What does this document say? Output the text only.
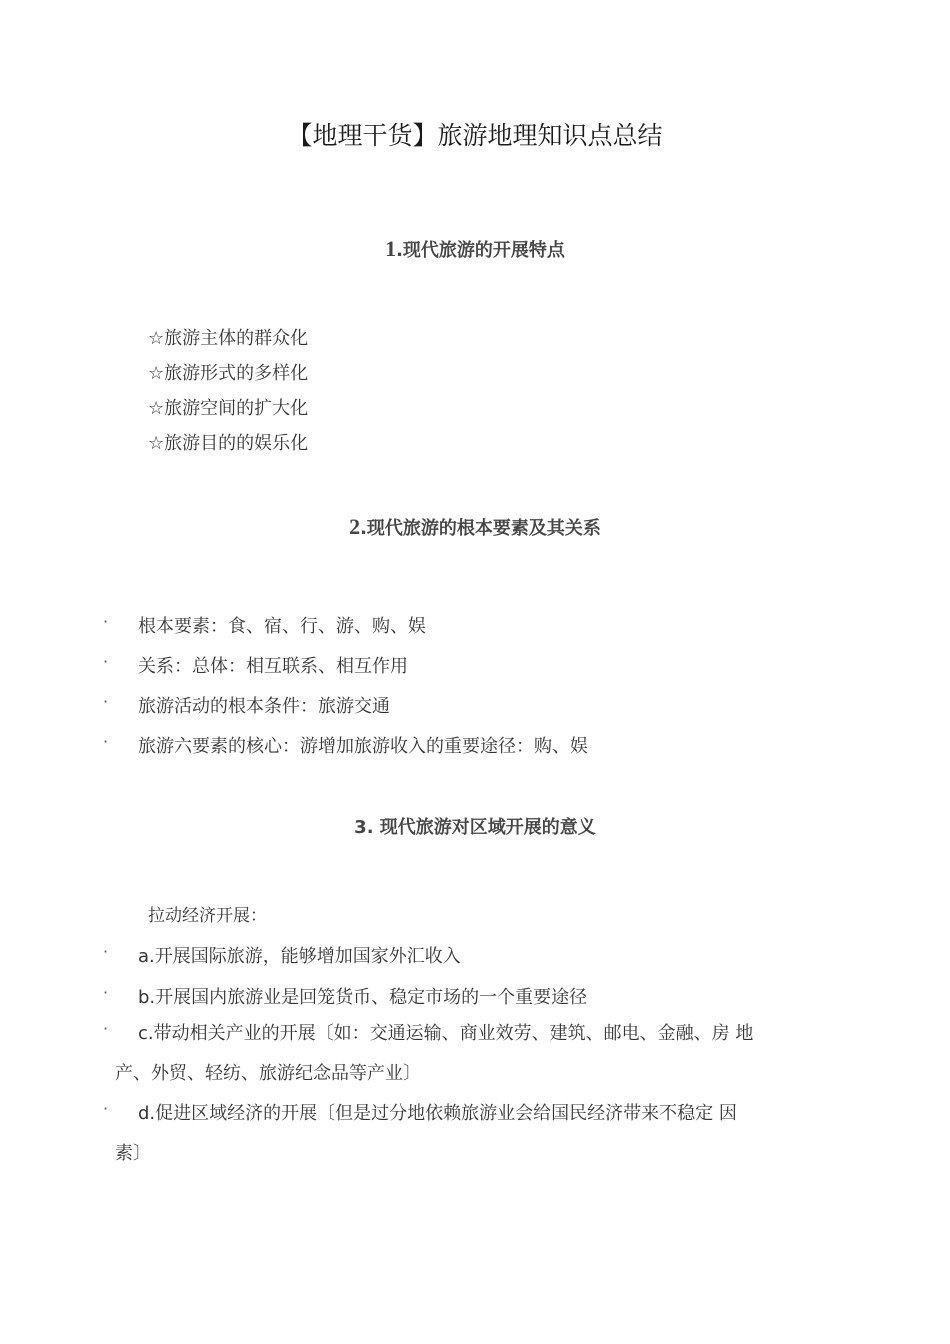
【地理干货】旅游地理知识点总结
1.现代旅游的开展特点
☆旅游主体的群众化
☆旅游形式的多样化
☆旅游空间的扩大化
☆旅游目的的娱乐化
2.现代旅游的根本要素及其关系
· 根本要素：食、宿、行、游、购、娱
· 关系：总体：相互联系、相互作用
· 旅游活动的根本条件：旅游交通
· 旅游六要素的核心：游增加旅游收入的重要途径：购、娱
3. 现代旅游对区域开展的意义
拉动经济开展：
· a.开展国际旅游，能够增加国家外汇收入
· b.开展国内旅游业是回笼货币、稳定市场的一个重要途径
· c.带动相关产业的开展〔如：交通运输、商业效劳、建筑、邮电、金融、房 地
产、外贸、轻纺、旅游纪念品等产业〕
· d.促进区域经济的开展〔但是过分地依赖旅游业会给国民经济带来不稳定 因
素〕
